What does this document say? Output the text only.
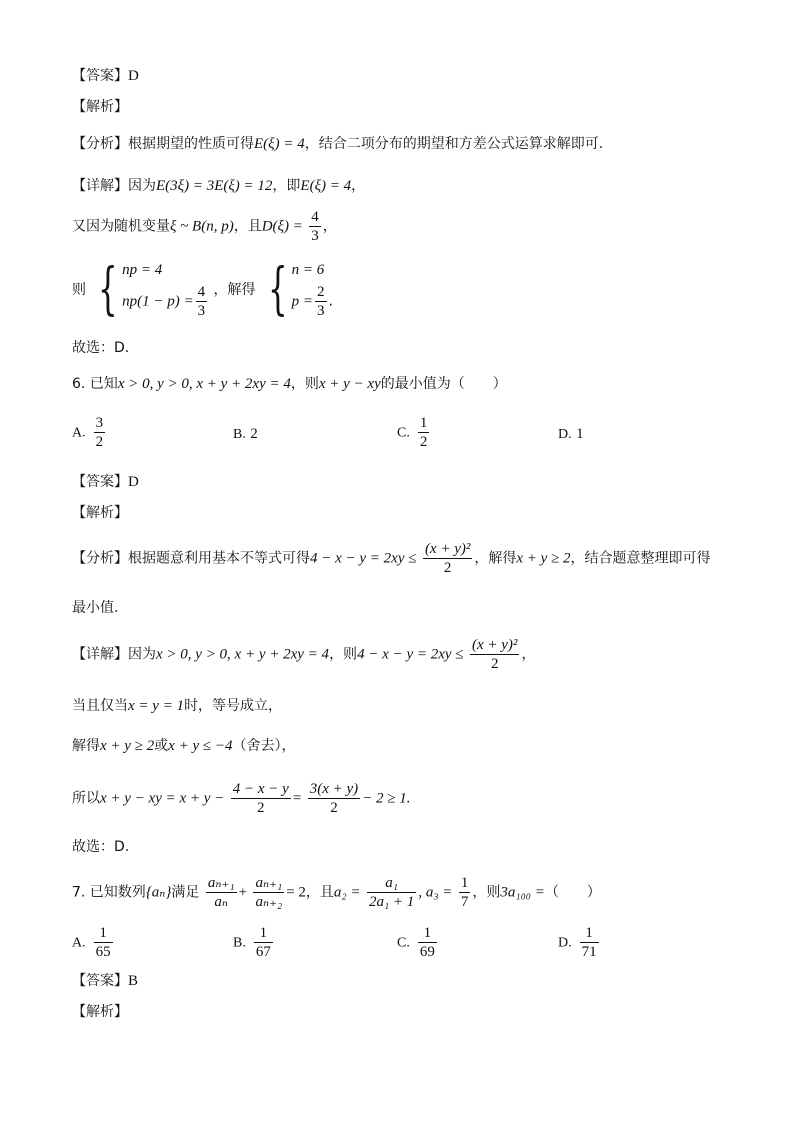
【答案】D
【解析】
【分析】根据期望的性质可得E(ξ) = 4，结合二项分布的期望和方差公式运算求解即可.
【详解】因为E(3ξ) = 3E(ξ) = 12，即E(ξ) = 4，
又因为随机变量ξ ~ B(n, p)，且$D(\xi) = \frac{4}{3}$ ，
则 { np = 4
$np(1 - p) = \frac{4}{3}$ ，解得 { n = 6
$p = \frac{2}{3}$ .
故选：D.
6. 已知x > 0, y > 0, x + y + 2xy = 4，则x + y − xy的最小值为（　　）
A. $\frac{3}{2}$	B. 2	C. $\frac{1}{2}$	D. 1
【答案】D
【解析】
【分析】根据题意利用基本不等式可得$4 - x - y = 2xy \le \frac{\text{(x + y)²}}{2}$ ，解得x + y ≥ 2，结合题意整理即可得
最小值.
【详解】因为x > 0, y > 0, x + y + 2xy = 4，则$4 - x - y = 2xy \le \frac{\text{(x + y)²}}{2}$ ，
当且仅当x = y = 1时，等号成立，
解得x + y ≥ 2或x + y ≤ −4（舍去），
所以x + y − xy = $x + y - \frac{4 - x - y}{2} = \frac{3(x + y)}{2} - 2 \ge 1$.
故选：D.
7. 已知数列{aₙ}满足 $\frac{\text{aₙ₊₁}}{\text{aₙ}} + \frac{\text{aₙ₊₁}}{\text{aₙ₊₂}} = 2$，且$a_2 = \frac{\text{a₁}}{\text{2a₁ + 1}}$ , $a_3 = \frac{1}{7}$ ，则3a₁₀₀ =（　　）
A. $\frac{1}{65}$	B. $\frac{1}{67}$	C. $\frac{1}{69}$	D. $\frac{1}{71}$
【答案】B
【解析】
